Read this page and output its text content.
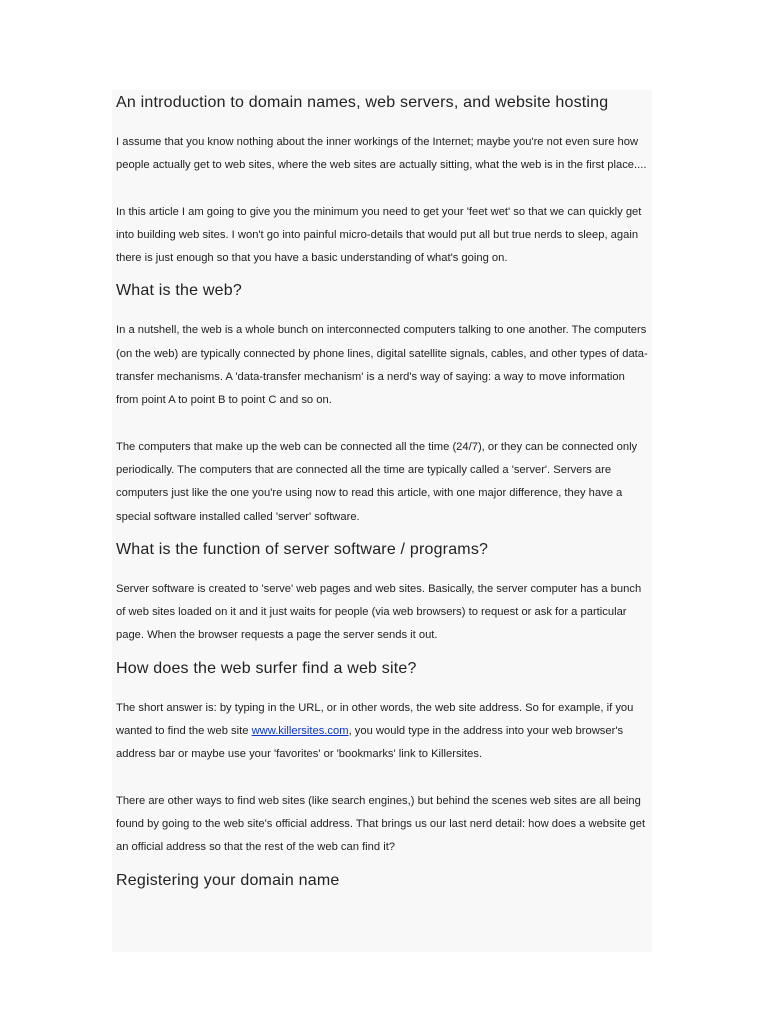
An introduction to domain names, web servers, and website hosting

I assume that you know nothing about the inner workings of the Internet; maybe you're not even sure how people actually get to web sites, where the web sites are actually sitting, what the web is in the first place....

In this article I am going to give you the minimum you need to get your 'feet wet' so that we can quickly get into building web sites. I won't go into painful micro-details that would put all but true nerds to sleep, again there is just enough so that you have a basic understanding of what's going on.

What is the web?

In a nutshell, the web is a whole bunch on interconnected computers talking to one another. The computers (on the web) are typically connected by phone lines, digital satellite signals, cables, and other types of data-transfer mechanisms. A 'data-transfer mechanism' is a nerd's way of saying: a way to move information from point A to point B to point C and so on.

The computers that make up the web can be connected all the time (24/7), or they can be connected only periodically. The computers that are connected all the time are typically called a 'server'. Servers are computers just like the one you're using now to read this article, with one major difference, they have a special software installed called 'server' software.

What is the function of server software / programs?

Server software is created to 'serve' web pages and web sites. Basically, the server computer has a bunch of web sites loaded on it and it just waits for people (via web browsers) to request or ask for a particular page. When the browser requests a page the server sends it out.

How does the web surfer find a web site?

The short answer is: by typing in the URL, or in other words, the web site address. So for example, if you wanted to find the web site www.killersites.com, you would type in the address into your web browser's address bar or maybe use your 'favorites' or 'bookmarks' link to Killersites.

There are other ways to find web sites (like search engines,) but behind the scenes web sites are all being found by going to the web site's official address. That brings us our last nerd detail: how does a website get an official address so that the rest of the web can find it?

Registering your domain name
